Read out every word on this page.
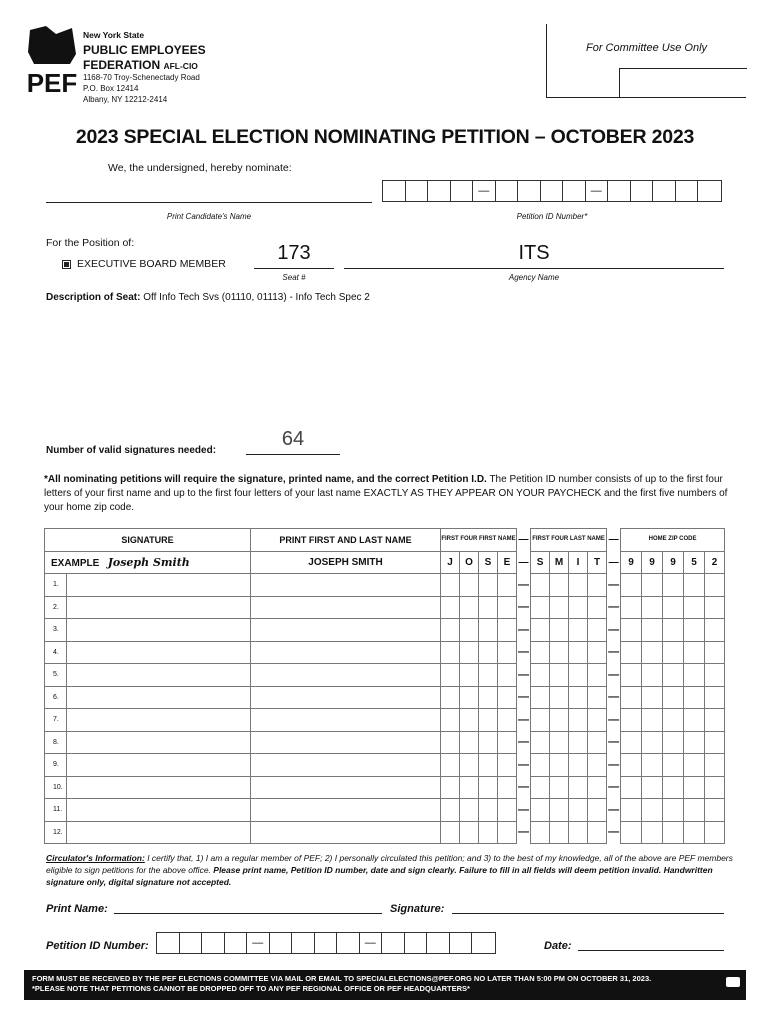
PEF
New York State
PUBLIC EMPLOYEES
FEDERATION AFL-CIO
1168-70 Troy-Schenectady Road
P.O. Box 12414
Albany, NY 12212-2414
For Committee Use Only
2023 SPECIAL ELECTION NOMINATING PETITION – OCTOBER 2023
We, the undersigned, hereby nominate:
Print Candidate's Name
—	—
Petition ID Number*
For the Position of:
EXECUTIVE BOARD MEMBER	173
Seat #
ITS
Agency Name
Description of Seat: Off Info Tech Svs (01110, 01113) - Info Tech Spec 2
Number of valid signatures needed:
64
*All nominating petitions will require the signature, printed name, and the correct Petition I.D. The Petition ID number consists of up to the first four letters of your first name and up to the first four letters of your last name EXACTLY AS THEY APPEAR ON YOUR PAYCHECK and the first five numbers of your home zip code.
SIGNATURE		PRINT FIRST AND LAST NAME	FIRST FOUR FIRST NAME				—	FIRST FOUR LAST NAME				—	HOME ZIP CODE				
EXAMPLE Joseph Smith		JOSEPH SMITH	J	O	S	E	—	S	M	I	T	—	9	9	9	5	2
1.							—					—					
2.							—					—					
3.							—					—					
4.							—					—					
5.							—					—					
6.							—					—					
7.							—					—					
8.							—					—					
9.							—					—					
10.							—					—					
11.							—					—					
12.							—					—					
Circulator's Information: I certify that, 1) I am a regular member of PEF; 2) I personally circulated this petition; and 3) to the best of my knowledge, all of the above are PEF members eligible to sign petitions for the above office. Please print name, Petition ID number, date and sign clearly. Failure to fill in all fields will deem petition invalid. Handwritten signature only, digital signature not accepted.
Print Name:	Signature:
Petition ID Number:	—	—	Date:
FORM MUST BE RECEIVED BY THE PEF ELECTIONS COMMITTEE VIA MAIL OR EMAIL TO SPECIALELECTIONS@PEF.ORG NO LATER THAN 5:00 PM ON OCTOBER 31, 2023.
*PLEASE NOTE THAT PETITIONS CANNOT BE DROPPED OFF TO ANY PEF REGIONAL OFFICE OR PEF HEADQUARTERS*
